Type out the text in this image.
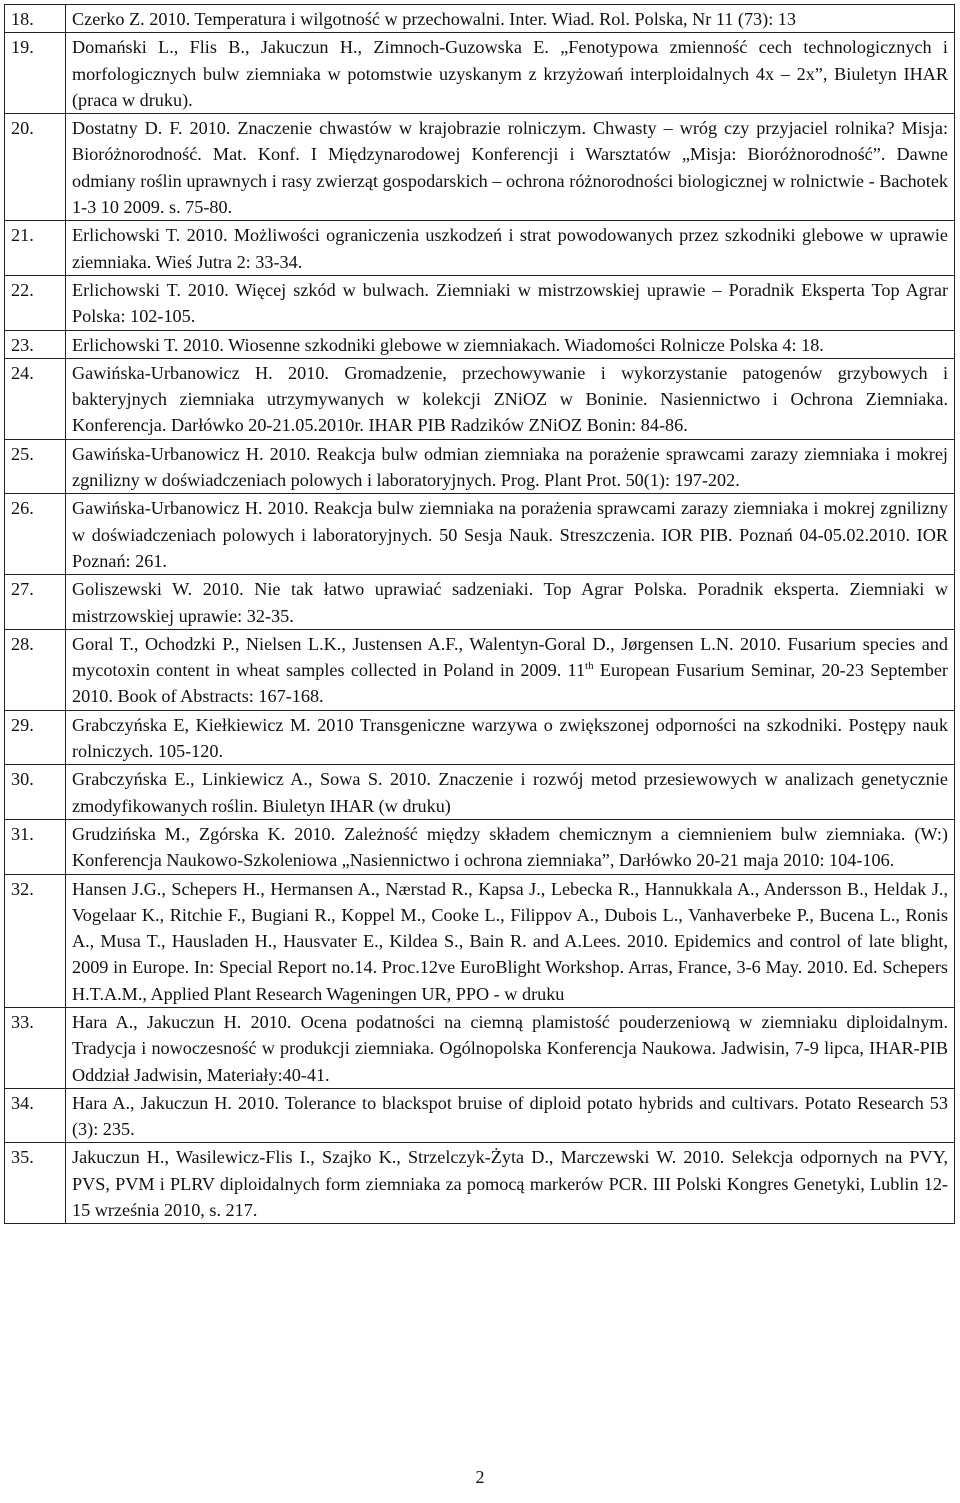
18.	Czerko Z. 2010. Temperatura i wilgotność w przechowalni. Inter. Wiad. Rol. Polska, Nr 11 (73): 13
19.	Domański L., Flis B., Jakuczun H., Zimnoch-Guzowska E. „Fenotypowa zmienność cech technologicznych i morfologicznych bulw ziemniaka w potomstwie uzyskanym z krzyżowań interploidalnych 4x – 2x”, Biuletyn IHAR (praca w druku).
20.	Dostatny D. F. 2010. Znaczenie chwastów w krajobrazie rolniczym. Chwasty – wróg czy przyjaciel rolnika? Misja: Bioróżnorodność. Mat. Konf. I Międzynarodowej Konferencji i Warsztatów „Misja: Bioróżnorodność”. Dawne odmiany roślin uprawnych i rasy zwierząt gospodarskich – ochrona różnorodności biologicznej w rolnictwie - Bachotek 1-3 10 2009. s. 75-80.
21.	Erlichowski T. 2010. Możliwości ograniczenia uszkodzeń i strat powodowanych przez szkodniki glebowe w uprawie ziemniaka. Wieś Jutra 2: 33-34.
22.	Erlichowski T. 2010. Więcej szkód w bulwach. Ziemniaki w mistrzowskiej uprawie – Poradnik Eksperta Top Agrar Polska: 102-105.
23.	Erlichowski T. 2010. Wiosenne szkodniki glebowe w ziemniakach. Wiadomości Rolnicze Polska 4: 18.
24.	Gawińska-Urbanowicz H. 2010. Gromadzenie, przechowywanie i wykorzystanie patogenów grzybowych i bakteryjnych ziemniaka utrzymywanych w kolekcji ZNiOZ w Boninie. Nasiennictwo i Ochrona Ziemniaka. Konferencja. Darłówko 20-21.05.2010r. IHAR PIB Radzików ZNiOZ Bonin: 84-86.
25.	Gawińska-Urbanowicz H. 2010. Reakcja bulw odmian ziemniaka na porażenie sprawcami zarazy ziemniaka i mokrej zgnilizny w doświadczeniach polowych i laboratoryjnych. Prog. Plant Prot. 50(1): 197-202.
26.	Gawińska-Urbanowicz H. 2010. Reakcja bulw ziemniaka na porażenia sprawcami zarazy ziemniaka i mokrej zgnilizny w doświadczeniach polowych i laboratoryjnych. 50 Sesja Nauk. Streszczenia. IOR PIB. Poznań 04-05.02.2010. IOR Poznań: 261.
27.	Goliszewski W. 2010. Nie tak łatwo uprawiać sadzeniaki. Top Agrar Polska. Poradnik eksperta. Ziemniaki w mistrzowskiej uprawie: 32-35.
28.	Goral T., Ochodzki P., Nielsen L.K., Justensen A.F., Walentyn-Goral D., Jørgensen L.N. 2010. Fusarium species and mycotoxin content in wheat samples collected in Poland in 2009. 11th European Fusarium Seminar, 20-23 September 2010. Book of Abstracts: 167-168.
29.	Grabczyńska E, Kiełkiewicz M. 2010 Transgeniczne warzywa o zwiększonej odporności na szkodniki. Postępy nauk rolniczych. 105-120.
30.	Grabczyńska E., Linkiewicz A., Sowa S. 2010. Znaczenie i rozwój metod przesiewowych w analizach genetycznie zmodyfikowanych roślin. Biuletyn IHAR (w druku)
31.	Grudzińska M., Zgórska K. 2010. Zależność między składem chemicznym a ciemnieniem bulw ziemniaka. (W:) Konferencja Naukowo-Szkoleniowa „Nasiennictwo i ochrona ziemniaka”, Darłówko 20-21 maja 2010: 104-106.
32.	Hansen J.G., Schepers H., Hermansen A., Nærstad R., Kapsa J., Lebecka R., Hannukkala A., Andersson B., Heldak J., Vogelaar K., Ritchie F., Bugiani R., Koppel M., Cooke L., Filippov A., Dubois L., Vanhaverbeke P., Bucena L., Ronis A., Musa T., Hausladen H., Hausvater E., Kildea S., Bain R. and A.Lees. 2010. Epidemics and control of late blight, 2009 in Europe. In: Special Report no.14. Proc.12ve EuroBlight Workshop. Arras, France, 3-6 May. 2010. Ed. Schepers H.T.A.M., Applied Plant Research Wageningen UR, PPO - w druku
33.	Hara A., Jakuczun H. 2010. Ocena podatności na ciemną plamistość pouderzeniową w ziemniaku diploidalnym. Tradycja i nowoczesność w produkcji ziemniaka. Ogólnopolska Konferencja Naukowa. Jadwisin, 7-9 lipca, IHAR-PIB Oddział Jadwisin, Materiały:40-41.
34.	Hara A., Jakuczun H. 2010. Tolerance to blackspot bruise of diploid potato hybrids and cultivars. Potato Research 53 (3): 235.
35.	Jakuczun H., Wasilewicz-Flis I., Szajko K., Strzelczyk-Żyta D., Marczewski W. 2010. Selekcja odpornych na PVY, PVS, PVM i PLRV diploidalnych form ziemniaka za pomocą markerów PCR. III Polski Kongres Genetyki, Lublin 12-15 września 2010, s. 217.
2
